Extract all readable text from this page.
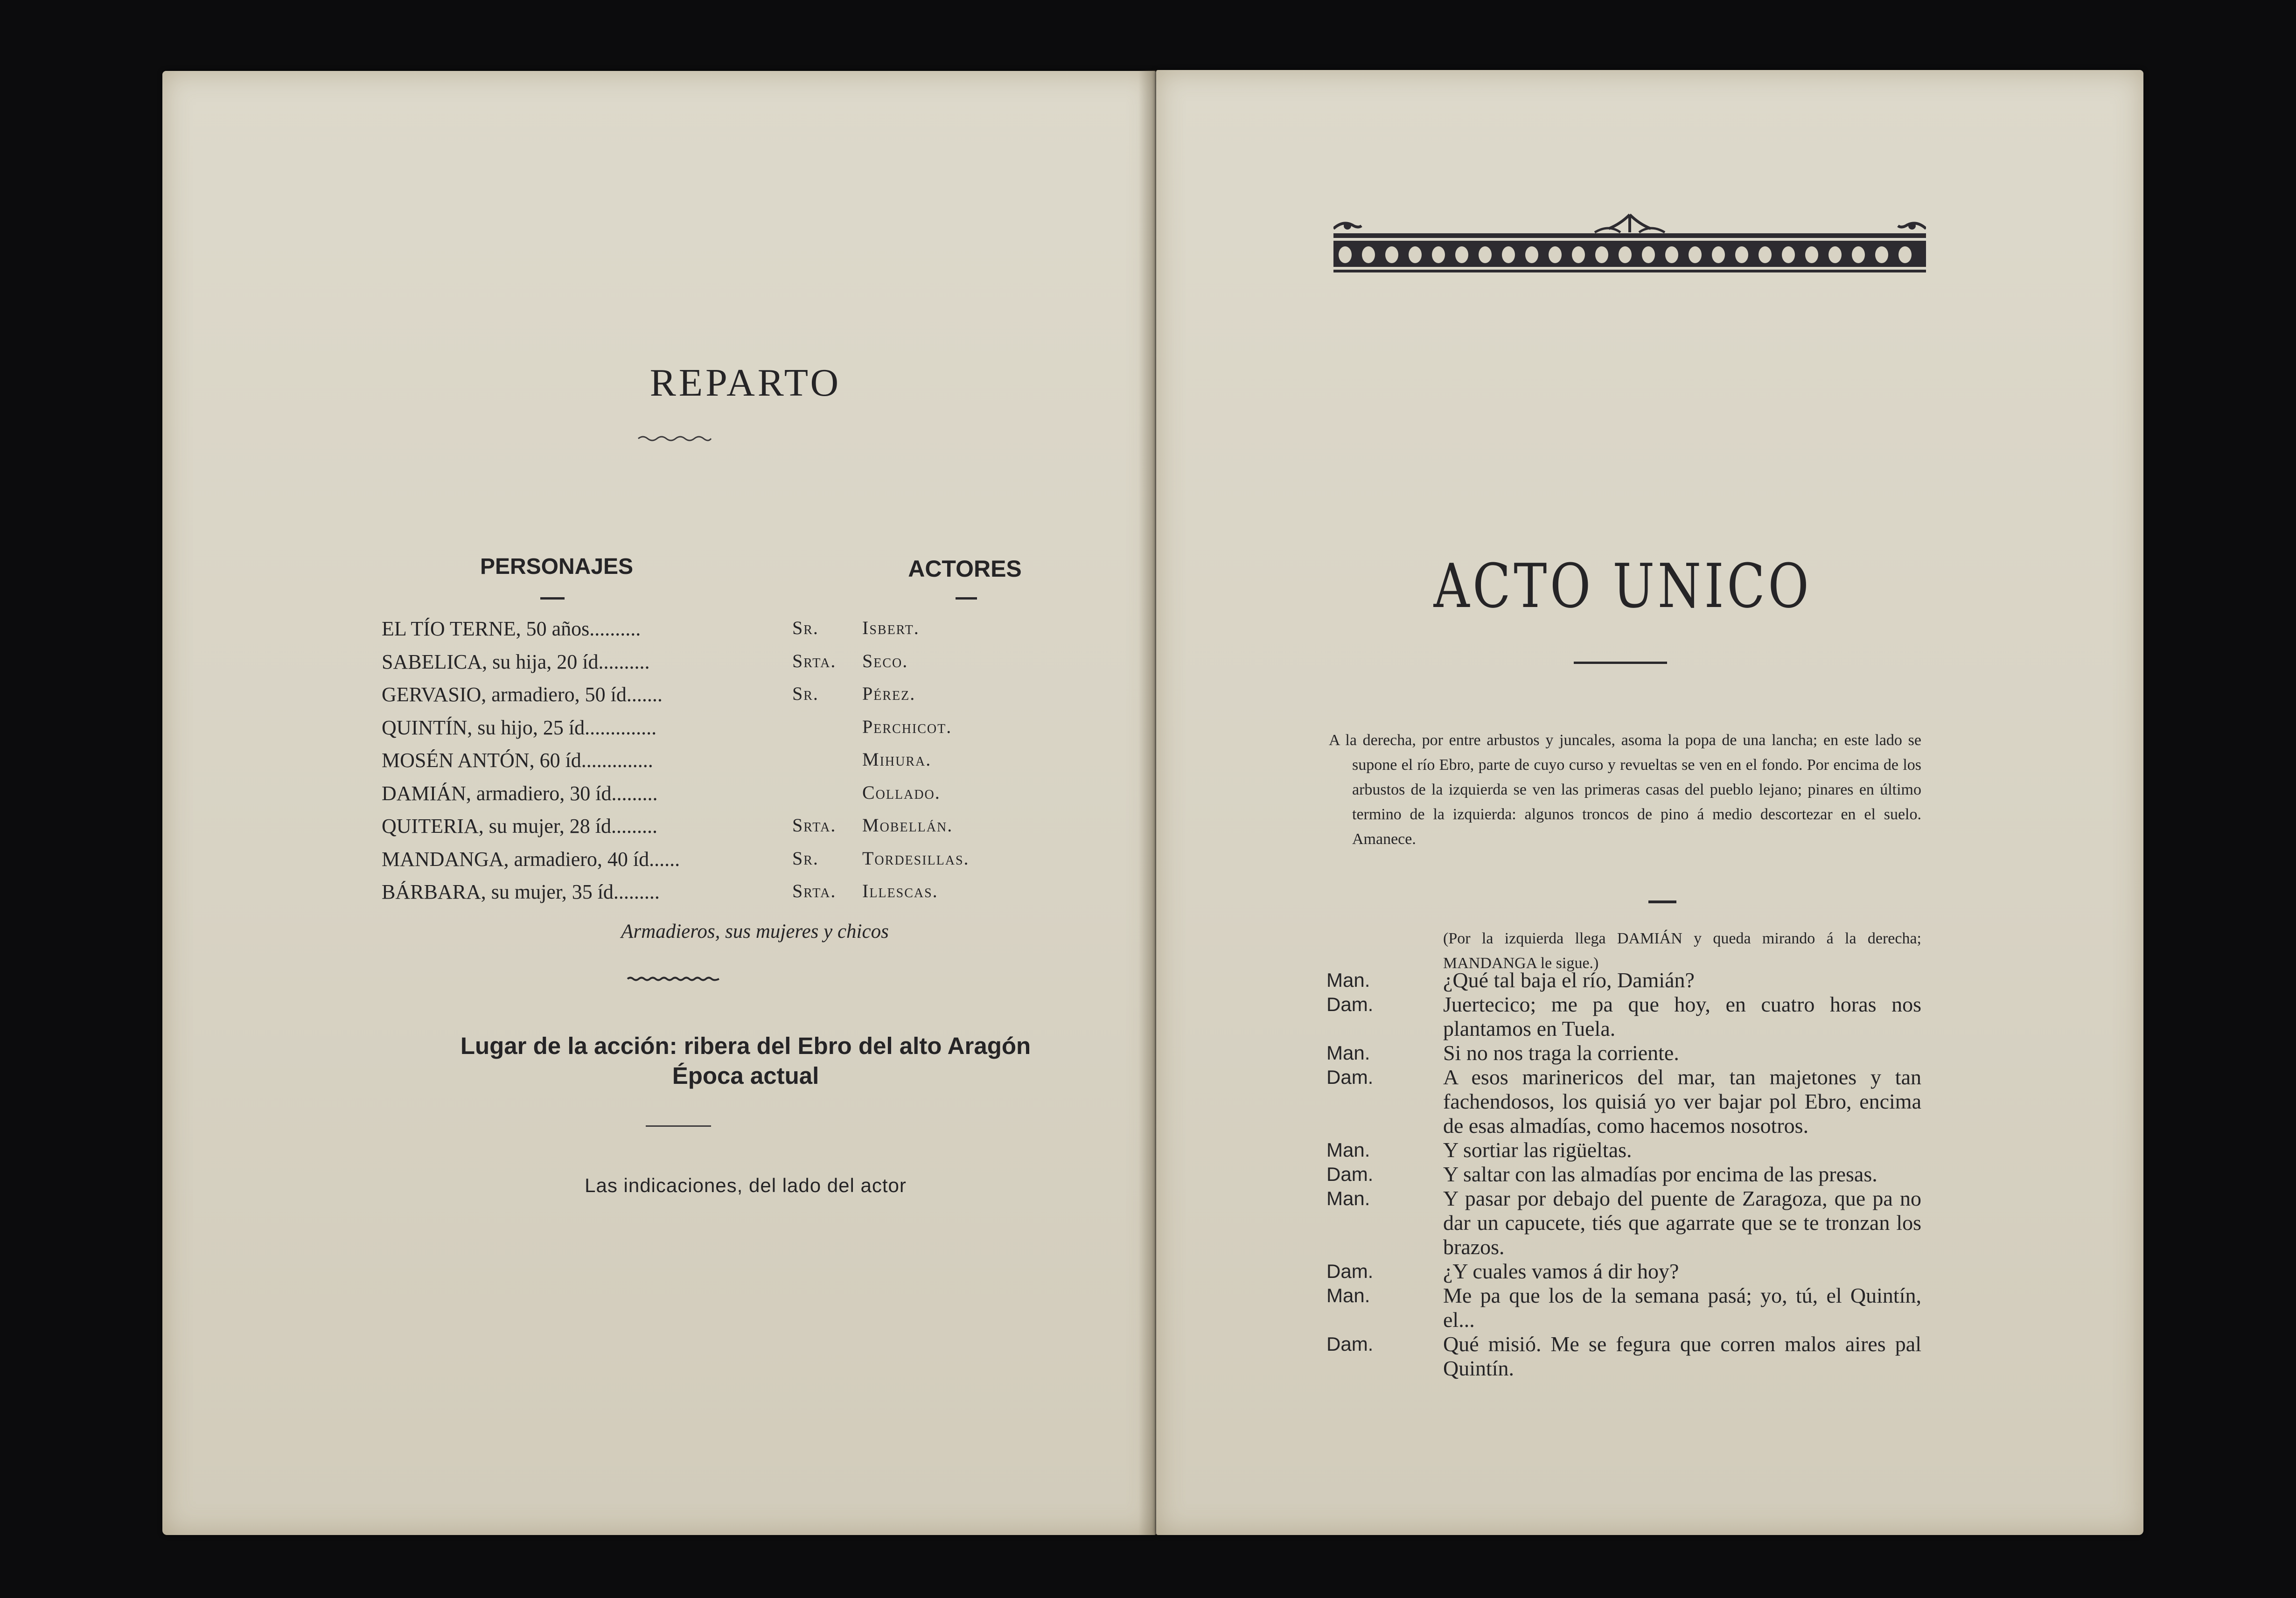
REPARTO
PERSONAJES	ACTORES
EL TÍO TERNE, 50 años..........	Sr. Isbert.
SABELICA, su hija, 20 íd..........	Srta. Seco.
GERVASIO, armadiero, 50 íd.......	Sr. Pérez.
QUINTÍN, su hijo, 25 íd..............	Perchicot.
MOSÉN ANTÓN, 60 íd..............	Mihura.
DAMIÁN, armadiero, 30 íd.........	Collado.
QUITERIA, su mujer, 28 íd.........	Srta. Mobellán.
MANDANGA, armadiero, 40 íd......	Sr. Tordesillas.
BÁRBARA, su mujer, 35 íd.........	Srta. Illescas.
Armadieros, sus mujeres y chicos
Lugar de la acción: ribera del Ebro del alto Aragón
Época actual
Las indicaciones, del lado del actor
ACTO UNICO
A la derecha, por entre arbustos y juncales, asoma la popa de una lancha; en este lado se supone el río Ebro, parte de cuyo curso y revueltas se ven en el fondo. Por encima de los arbustos de la izquierda se ven las primeras casas del pueblo lejano; pinares en último termino de la izquierda: algunos troncos de pino á medio descortezar en el suelo. Amanece.
(Por la izquierda llega DAMIÁN y queda mirando á la derecha; MANDANGA le sigue.)
Man.	¿Qué tal baja el río, Damián?
Dam.	Juertecico; me pa que hoy, en cuatro horas nos plantamos en Tuela.
Man.	Si no nos traga la corriente.
Dam.	A esos marinericos del mar, tan majetones y tan fachendosos, los quisiá yo ver bajar pol Ebro, encima de esas almadías, como hacemos nosotros.
Man.	Y sortiar las rigüeltas.
Dam.	Y saltar con las almadías por encima de las presas.
Man.	Y pasar por debajo del puente de Zaragoza, que pa no dar un capucete, tiés que agarrate que se te tronzan los brazos.
Dam.	¿Y cuales vamos á dir hoy?
Man.	Me pa que los de la semana pasá; yo, tú, el Quintín, el...
Dam.	Qué misió. Me se fegura que corren malos aires pal Quintín.
